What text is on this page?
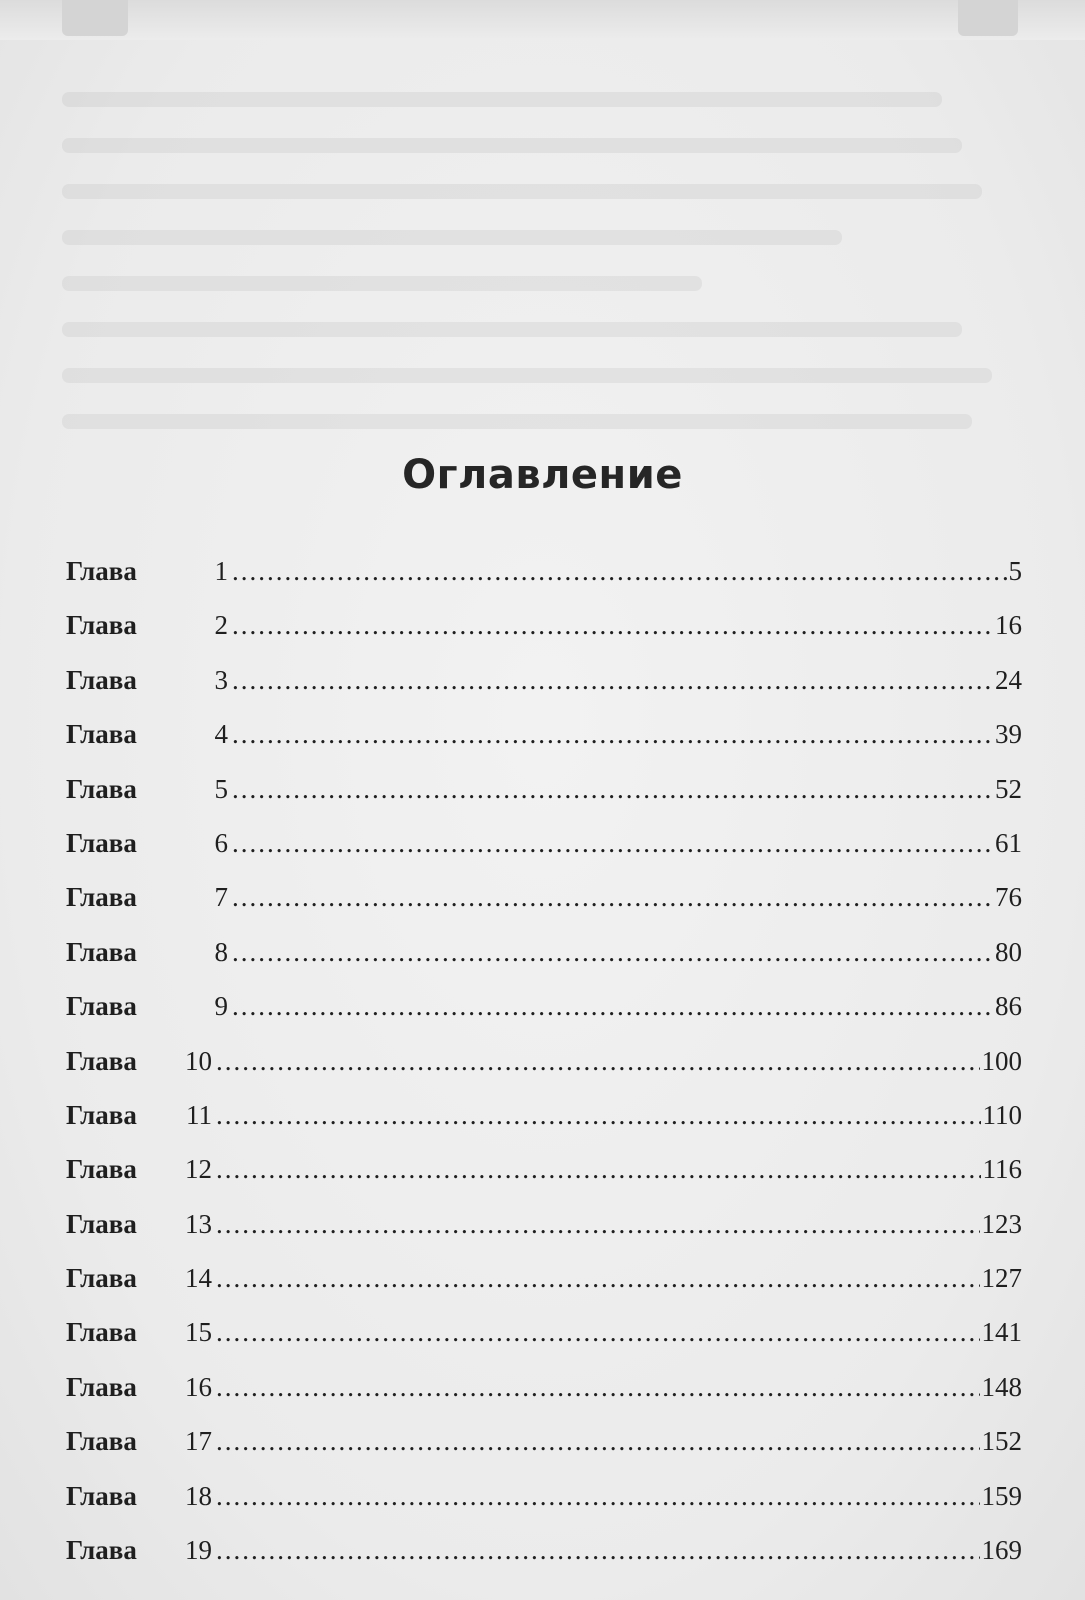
Оглавление
Глава	1 .....	5
Глава	2 .....	16
Глава	3 .....	24
Глава	4 .....	39
Глава	5 .....	52
Глава	6 .....	61
Глава	7 .....	76
Глава	8 .....	80
Глава	9 .....	86
Глава	10 .....	100
Глава	11 .....	110
Глава	12 .....	116
Глава	13 .....	123
Глава	14 .....	127
Глава	15 .....	141
Глава	16 .....	148
Глава	17 .....	152
Глава	18 .....	159
Глава	19 .....	169
